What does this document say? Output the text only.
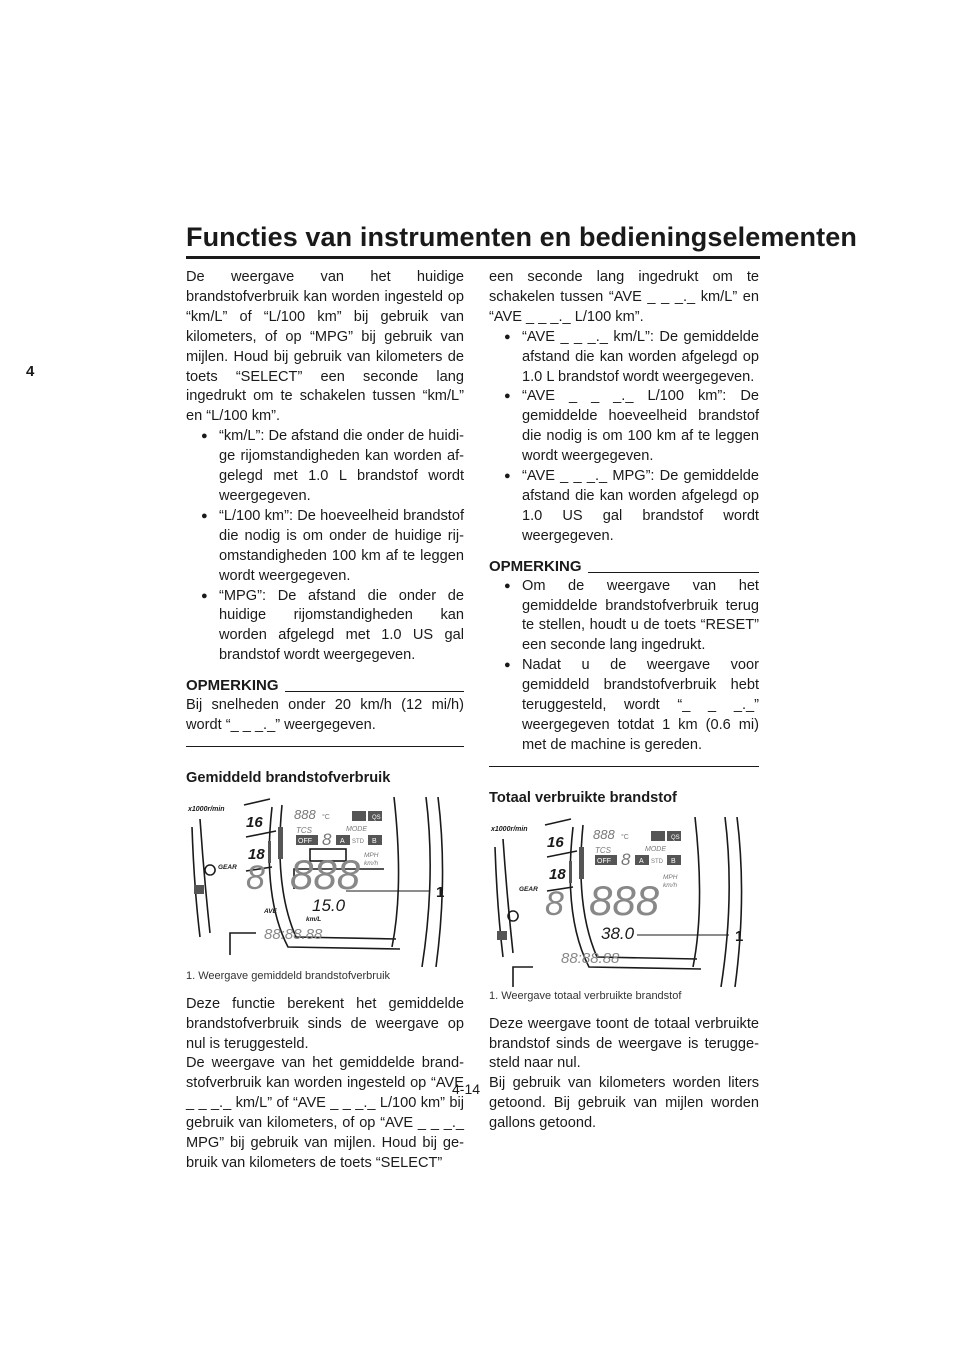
Functies van instrumenten en bedieningselementen
4

De weergave van het huidige brandstofverbruik kan worden ingesteld op “km/L” of “L/100 km” bij gebruik van kilometers, of op “MPG” bij gebruik van mijlen. Houd bij gebruik van kilometers de toets “SELECT” een seconde lang ingedrukt om te schakelen tussen “km/L” en “L/100 km”.

● “km/L”: De afstand die onder de huidige rijomstandigheden kan worden afgelegd met 1.0 L brandstof wordt weergegeven.
● “L/100 km”: De hoeveelheid brandstof die nodig is om onder de huidige rijomstandigheden 100 km af te leggen wordt weergegeven.
● “MPG”: De afstand die onder de huidige rijomstandigheden kan worden afgelegd met 1.0 US gal brandstof wordt weergegeven.
OPMERKING

Bij snelheden onder 20 km/h (12 mi/h) wordt “_ _ _._” weergegeven.

Gemiddeld brandstofverbruik
x1000r/min
16
18
GEAR
888 °C	QS
TCS
OFF 8
MODE
A STD B
8 888 MPH
km/h
AVE 15.0
km/L
88:88.88
1
1. Weergave gemiddeld brandstofverbruik

Deze functie berekent het gemiddelde brandstofverbruik sinds de weergave op nul is teruggesteld.

De weergave van het gemiddelde brandstofverbruik kan worden ingesteld op “AVE _ _ _._ km/L” of “AVE _ _ _._ L/100 km” bij gebruik van kilometers, of op “AVE _ _ _._ MPG” bij gebruik van mijlen. Houd bij gebruik van kilometers de toets “SELECT”

een seconde lang ingedrukt om te schakelen tussen “AVE _ _ _._ km/L” en “AVE _ _ _._ L/100 km”.

● “AVE _ _ _._ km/L”: De gemiddelde afstand die kan worden afgelegd op 1.0 L brandstof wordt weergegeven.
● “AVE _ _ _._ L/100 km”: De gemiddelde hoeveelheid brandstof die nodig is om 100 km af te leggen wordt weergegeven.
● “AVE _ _ _._ MPG”: De gemiddelde afstand die kan worden afgelegd op 1.0 US gal brandstof wordt weergegeven.
OPMERKING
● Om de weergave van het gemiddelde brandstofverbruik terug te stellen, houdt u de toets “RESET” een seconde lang ingedrukt.
● Nadat u de weergave voor gemiddeld brandstofverbruik hebt teruggesteld, wordt “_ _ _._” weergegeven totdat 1 km (0.6 mi) met de machine is gereden.
Totaal verbruikte brandstof
x1000r/min
16
18
GEAR
888 °C	QS
TCS
OFF 8
MODE
A STD B
8 888 MPH
km/h
38.0
88:88.88
1
1. Weergave totaal verbruikte brandstof

Deze weergave toont de totaal verbruikte brandstof sinds de weergave is teruggesteld naar nul.

Bij gebruik van kilometers worden liters getoond. Bij gebruik van mijlen worden gallons getoond.

4-14
